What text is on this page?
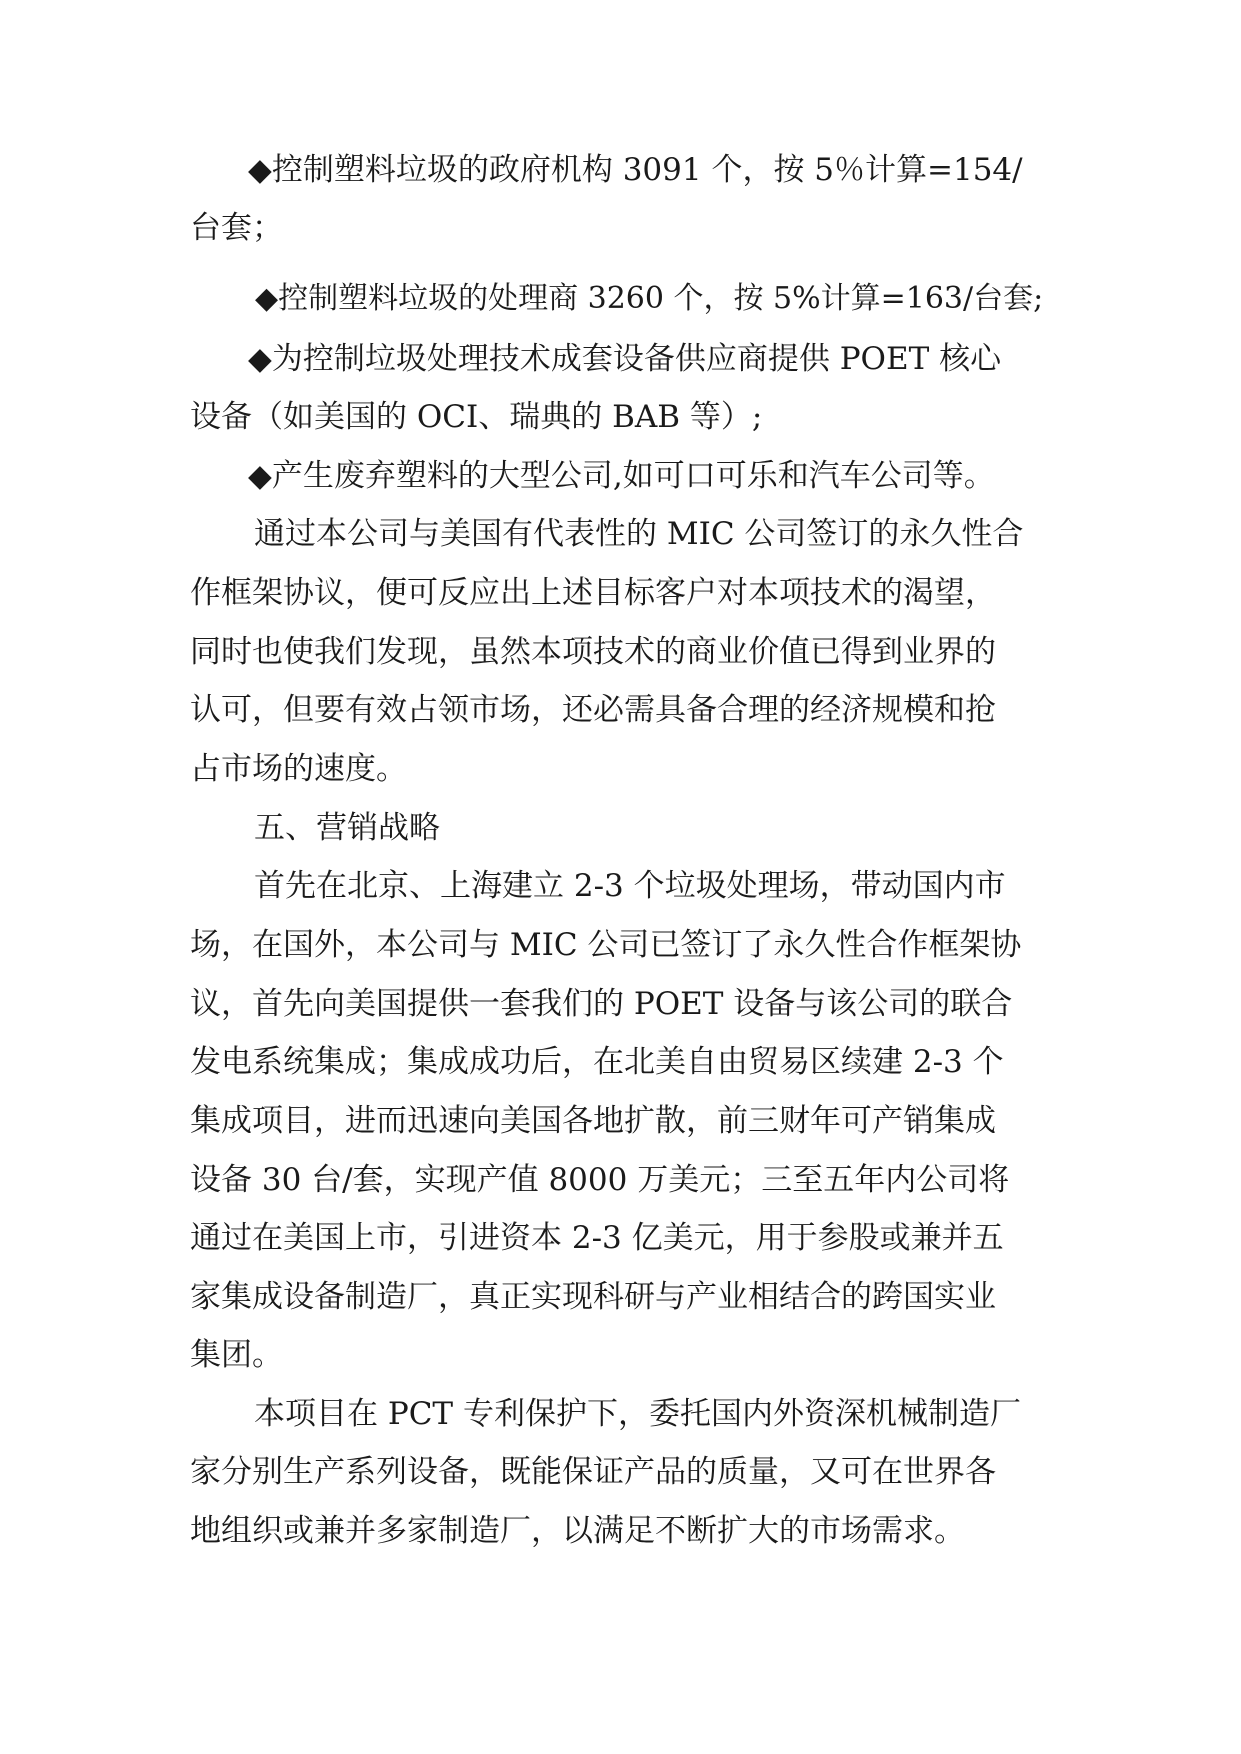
◆控制塑料垃圾的政府机构 3091 个，按 5％计算=154/
台套；
◆控制塑料垃圾的处理商 3260 个，按 5%计算=163/台套;
◆为控制垃圾处理技术成套设备供应商提供 POET 核心
设备（如美国的 OCI、瑞典的 BAB 等）;
◆产生废弃塑料的大型公司,如可口可乐和汽车公司等。
通过本公司与美国有代表性的 MIC 公司签订的永久性合
作框架协议，便可反应出上述目标客户对本项技术的渴望，
同时也使我们发现，虽然本项技术的商业价值已得到业界的
认可，但要有效占领市场，还必需具备合理的经济规模和抢
占市场的速度。
五、营销战略
首先在北京、上海建立 2-3 个垃圾处理场，带动国内市
场，在国外，本公司与 MIC 公司已签订了永久性合作框架协
议，首先向美国提供一套我们的 POET 设备与该公司的联合
发电系统集成；集成成功后，在北美自由贸易区续建 2-3 个
集成项目，进而迅速向美国各地扩散，前三财年可产销集成
设备 30 台/套，实现产值 8000 万美元；三至五年内公司将
通过在美国上市，引进资本 2-3 亿美元，用于参股或兼并五
家集成设备制造厂，真正实现科研与产业相结合的跨国实业
集团。
本项目在 PCT 专利保护下，委托国内外资深机械制造厂
家分别生产系列设备，既能保证产品的质量，又可在世界各
地组织或兼并多家制造厂，以满足不断扩大的市场需求。
